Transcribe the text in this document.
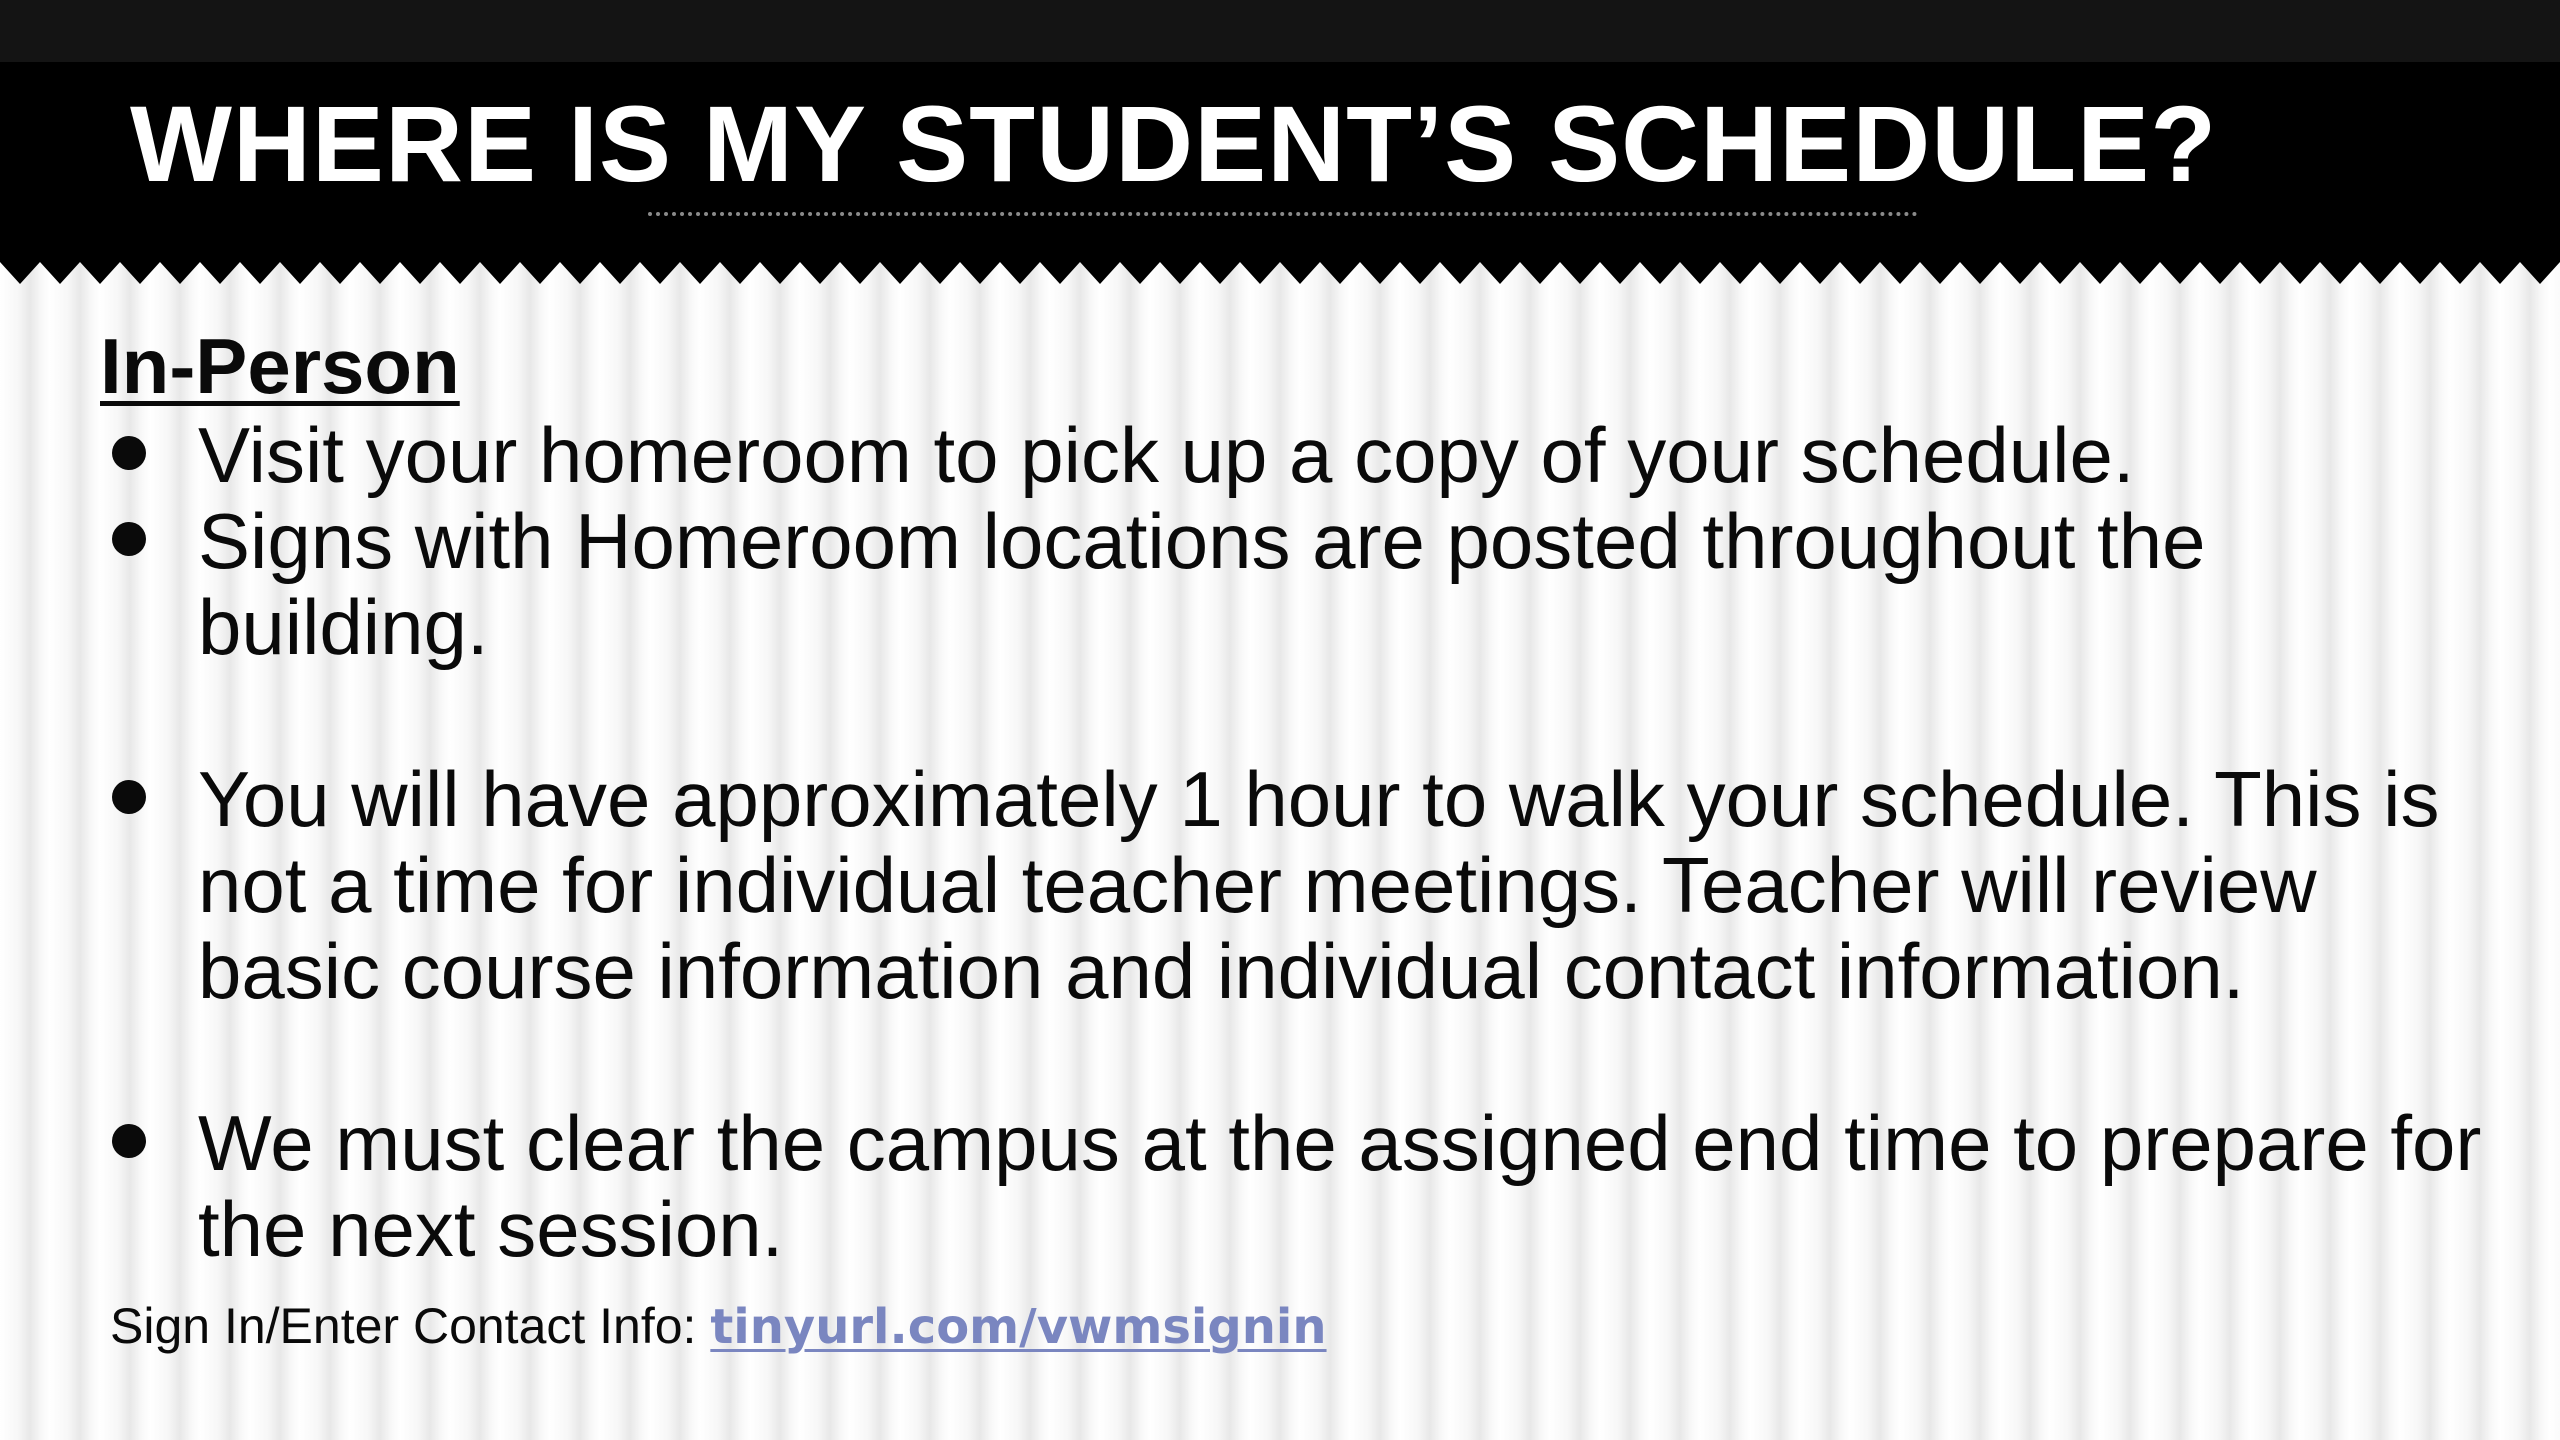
WHERE IS MY STUDENT’S SCHEDULE?
In-Person
Visit your homeroom to pick up a copy of your schedule.
Signs with Homeroom locations are posted throughout the building.
You will have approximately 1 hour to walk your schedule. This is not a time for individual teacher meetings. Teacher will review basic course information and individual contact information.
We must clear the campus at the assigned end time to prepare for the next session.
Sign In/Enter Contact Info: tinyurl.com/vwmsignin
